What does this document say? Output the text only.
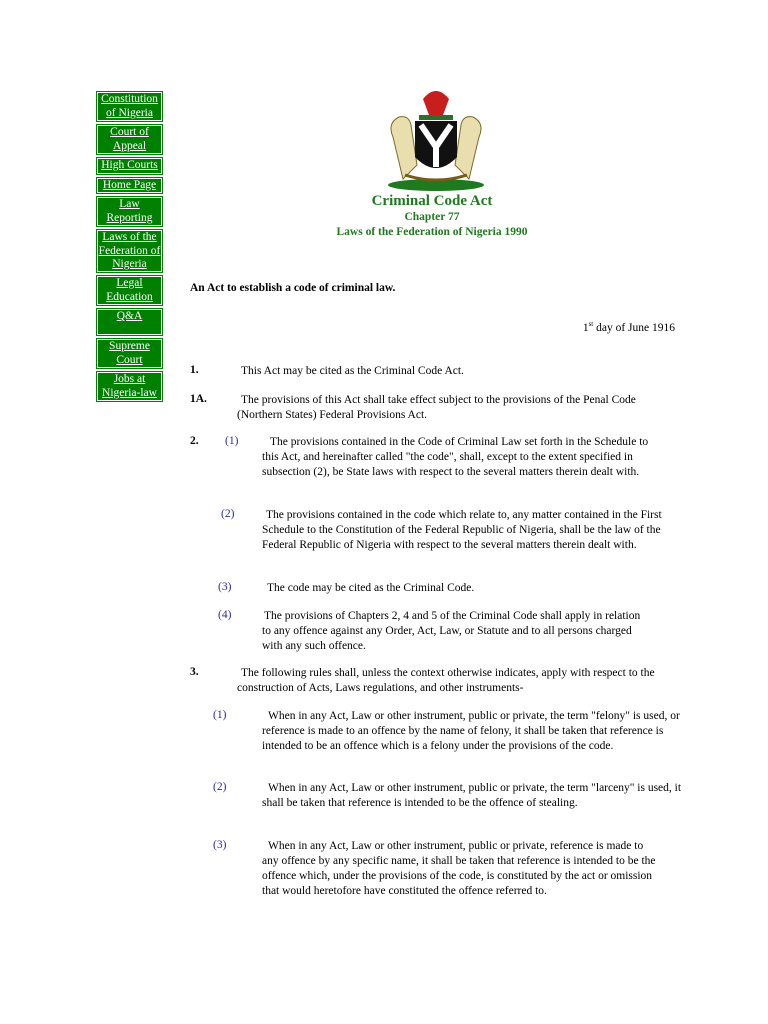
Constitution of Nigeria
Court of Appeal
High Courts
Home Page
Law Reporting
Laws of the Federation of Nigeria
Legal Education
Q&A
Supreme Court
Jobs at Nigeria-law
Criminal Code Act
Chapter 77
Laws of the Federation of Nigeria 1990
An Act to establish a code of criminal law.
1st day of June 1916
1.	This Act may be cited as the Criminal Code Act.
1A.	The provisions of this Act shall take effect subject to the provisions of the Penal Code (Northern States) Federal Provisions Act.
2. (1)	The provisions contained in the Code of Criminal Law set forth in the Schedule to this Act, and hereinafter called "the code", shall, except to the extent specified in subsection (2), be State laws with respect to the several matters therein dealt with.
(2)	The provisions contained in the code which relate to, any matter contained in the First Schedule to the Constitution of the Federal Republic of Nigeria, shall be the law of the Federal Republic of Nigeria with respect to the several matters therein dealt with.
(3)	The code may be cited as the Criminal Code.
(4)	The provisions of Chapters 2, 4 and 5 of the Criminal Code shall apply in relation to any offence against any Order, Act, Law, or Statute and to all persons charged with any such offence.
3.	The following rules shall, unless the context otherwise indicates, apply with respect to the construction of Acts, Laws regulations, and other instruments-
(1)	When in any Act, Law or other instrument, public or private, the term "felony" is used, or reference is made to an offence by the name of felony, it shall be taken that reference is intended to be an offence which is a felony under the provisions of the code.
(2)	When in any Act, Law or other instrument, public or private, the term "larceny" is used, it shall be taken that reference is intended to be the offence of stealing.
(3)	When in any Act, Law or other instrument, public or private, reference is made to any offence by any specific name, it shall be taken that reference is intended to be the offence which, under the provisions of the code, is constituted by the act or omission that would heretofore have constituted the offence referred to.
